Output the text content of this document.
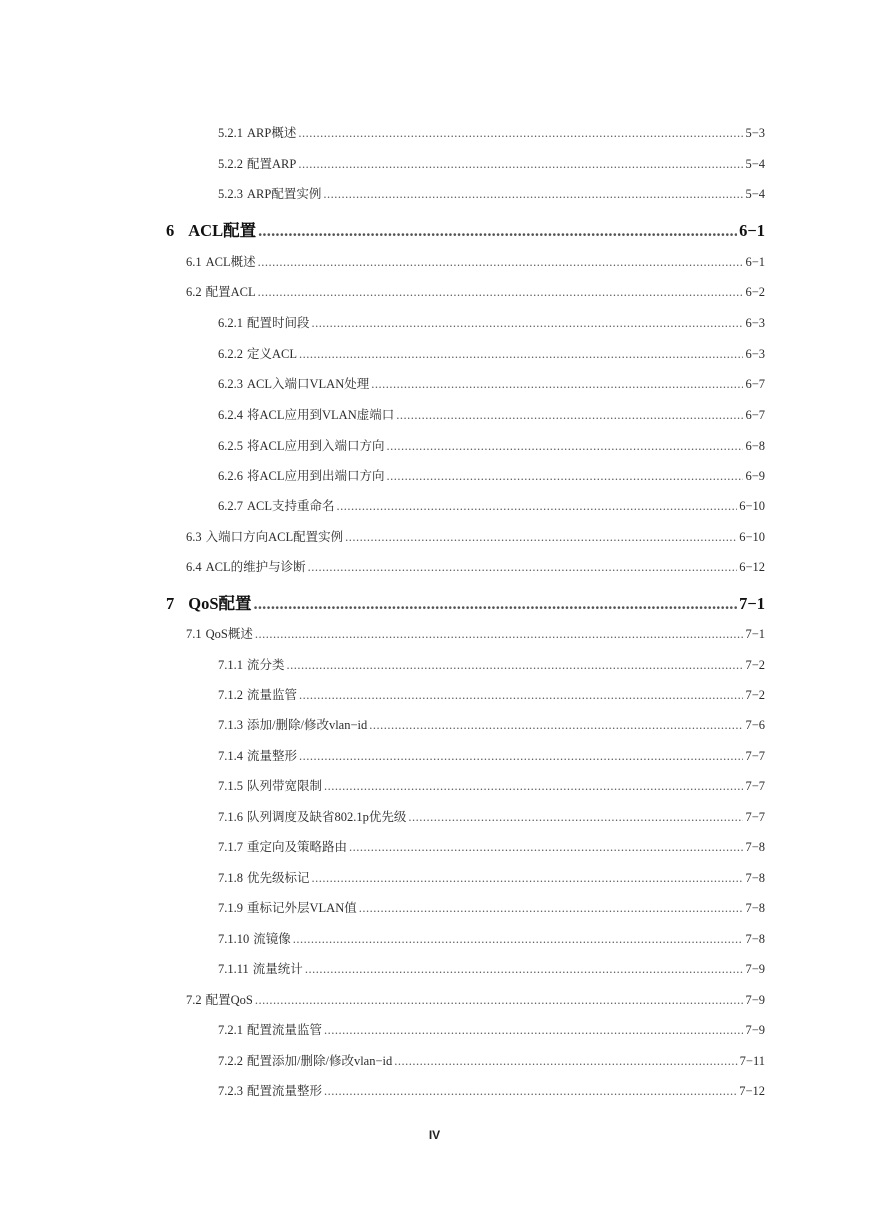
5.2.1 ARP概述 .....	5−3
5.2.2 配置ARP .....	5−4
5.2.3 ARP配置实例 .....	5−4
6 ACL配置 .....	6−1
6.1 ACL概述 .....	6−1
6.2 配置ACL .....	6−2
6.2.1 配置时间段 .....	6−3
6.2.2 定义ACL .....	6−3
6.2.3 ACL入端口VLAN处理 .....	6−7
6.2.4 将ACL应用到VLAN虚端口 .....	6−7
6.2.5 将ACL应用到入端口方向 .....	6−8
6.2.6 将ACL应用到出端口方向 .....	6−9
6.2.7 ACL支持重命名 .....	6−10
6.3 入端口方向ACL配置实例 .....	6−10
6.4 ACL的维护与诊断 .....	6−12
7 QoS配置 .....	7−1
7.1 QoS概述 .....	7−1
7.1.1 流分类 .....	7−2
7.1.2 流量监管 .....	7−2
7.1.3 添加/删除/修改vlan−id .....	7−6
7.1.4 流量整形 .....	7−7
7.1.5 队列带宽限制 .....	7−7
7.1.6 队列调度及缺省802.1p优先级 .....	7−7
7.1.7 重定向及策略路由 .....	7−8
7.1.8 优先级标记 .....	7−8
7.1.9 重标记外层VLAN值 .....	7−8
7.1.10 流镜像 .....	7−8
7.1.11 流量统计 .....	7−9
7.2 配置QoS .....	7−9
7.2.1 配置流量监管 .....	7−9
7.2.2 配置添加/删除/修改vlan−id .....	7−11
7.2.3 配置流量整形 .....	7−12
IV
